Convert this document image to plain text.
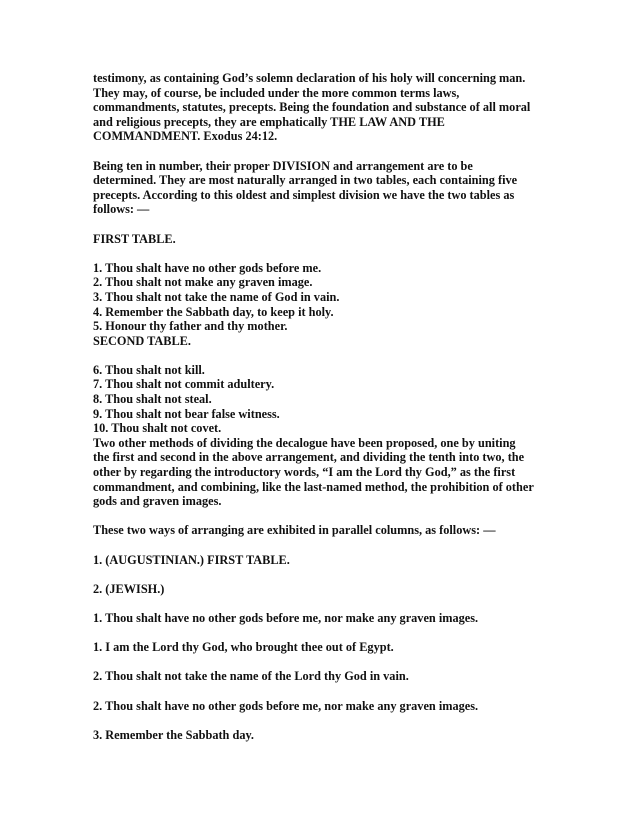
testimony, as containing God’s solemn declaration of his holy will concerning man.
They may, of course, be included under the more common terms laws,
commandments, statutes, precepts. Being the foundation and substance of all moral
and religious precepts, they are emphatically THE LAW AND THE
COMMANDMENT. Exodus 24:12.
Being ten in number, their proper DIVISION and arrangement are to be
determined. They are most naturally arranged in two tables, each containing five
precepts. According to this oldest and simplest division we have the two tables as
follows: —
FIRST TABLE.
1. Thou shalt have no other gods before me.
2. Thou shalt not make any graven image.
3. Thou shalt not take the name of God in vain.
4. Remember the Sabbath day, to keep it holy.
5. Honour thy father and thy mother.
SECOND TABLE.
6. Thou shalt not kill.
7. Thou shalt not commit adultery.
8. Thou shalt not steal.
9. Thou shalt not bear false witness.
10. Thou shalt not covet.
Two other methods of dividing the decalogue have been proposed, one by uniting
the first and second in the above arrangement, and dividing the tenth into two, the
other by regarding the introductory words, “I am the Lord thy God,” as the first
commandment, and combining, like the last-named method, the prohibition of other
gods and graven images.
These two ways of arranging are exhibited in parallel columns, as follows: —
1. (AUGUSTINIAN.) FIRST TABLE.
2. (JEWISH.)
1. Thou shalt have no other gods before me, nor make any graven images.
1. I am the Lord thy God, who brought thee out of Egypt.
2. Thou shalt not take the name of the Lord thy God in vain.
2. Thou shalt have no other gods before me, nor make any graven images.
3. Remember the Sabbath day.
